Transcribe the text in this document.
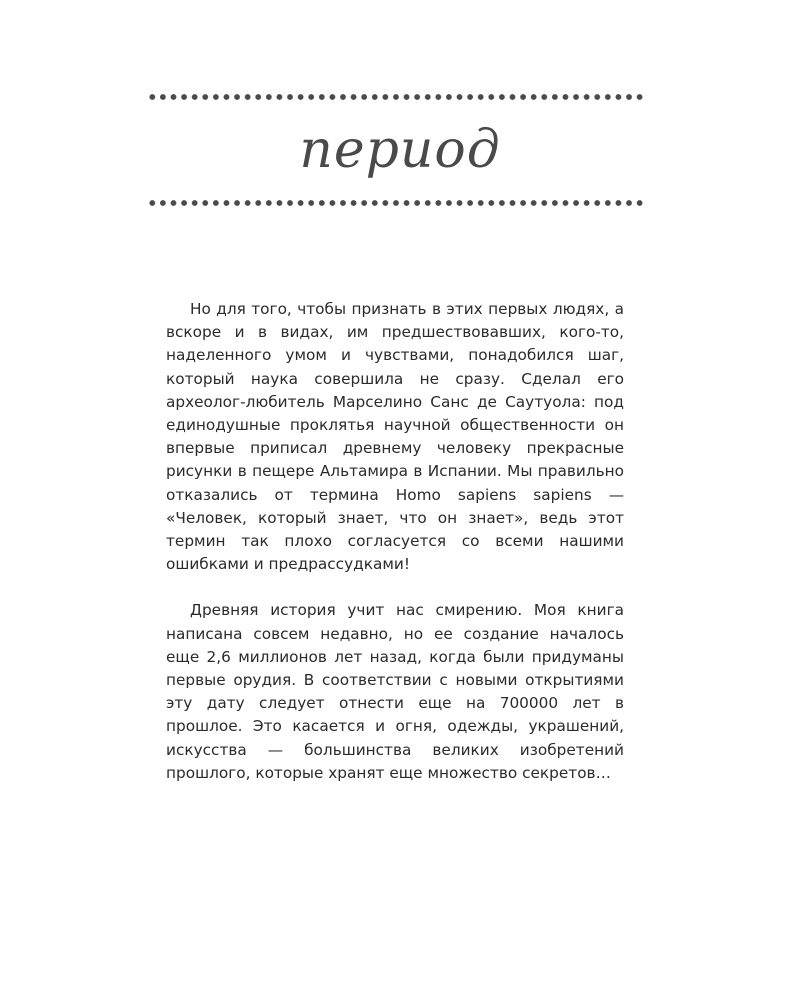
период

Но для того, чтобы признать в этих первых людях, а вскоре и в видах, им предшествовавших, кого-то, наделенного умом и чувствами, понадобился шаг, который наука совершила не сразу. Сделал его археолог-любитель Марселино Санс де Саутуола: под единодушные проклятья научной общественности он впервые приписал древнему человеку прекрасные рисунки в пещере Альтамира в Испании. Мы правильно отказались от термина Homo sapiens sapiens — «Человек, который знает, что он знает», ведь этот термин так плохо согласуется со всеми нашими ошибками и предрассудками!

Древняя история учит нас смирению. Моя книга написана совсем недавно, но ее создание началось еще 2,6 миллионов лет назад, когда были придуманы первые орудия. В соответствии с новыми открытиями эту дату следует отнести еще на 700000 лет в прошлое. Это касается и огня, одежды, украшений, искусства — большинства великих изобретений прошлого, которые хранят еще множество секретов…
